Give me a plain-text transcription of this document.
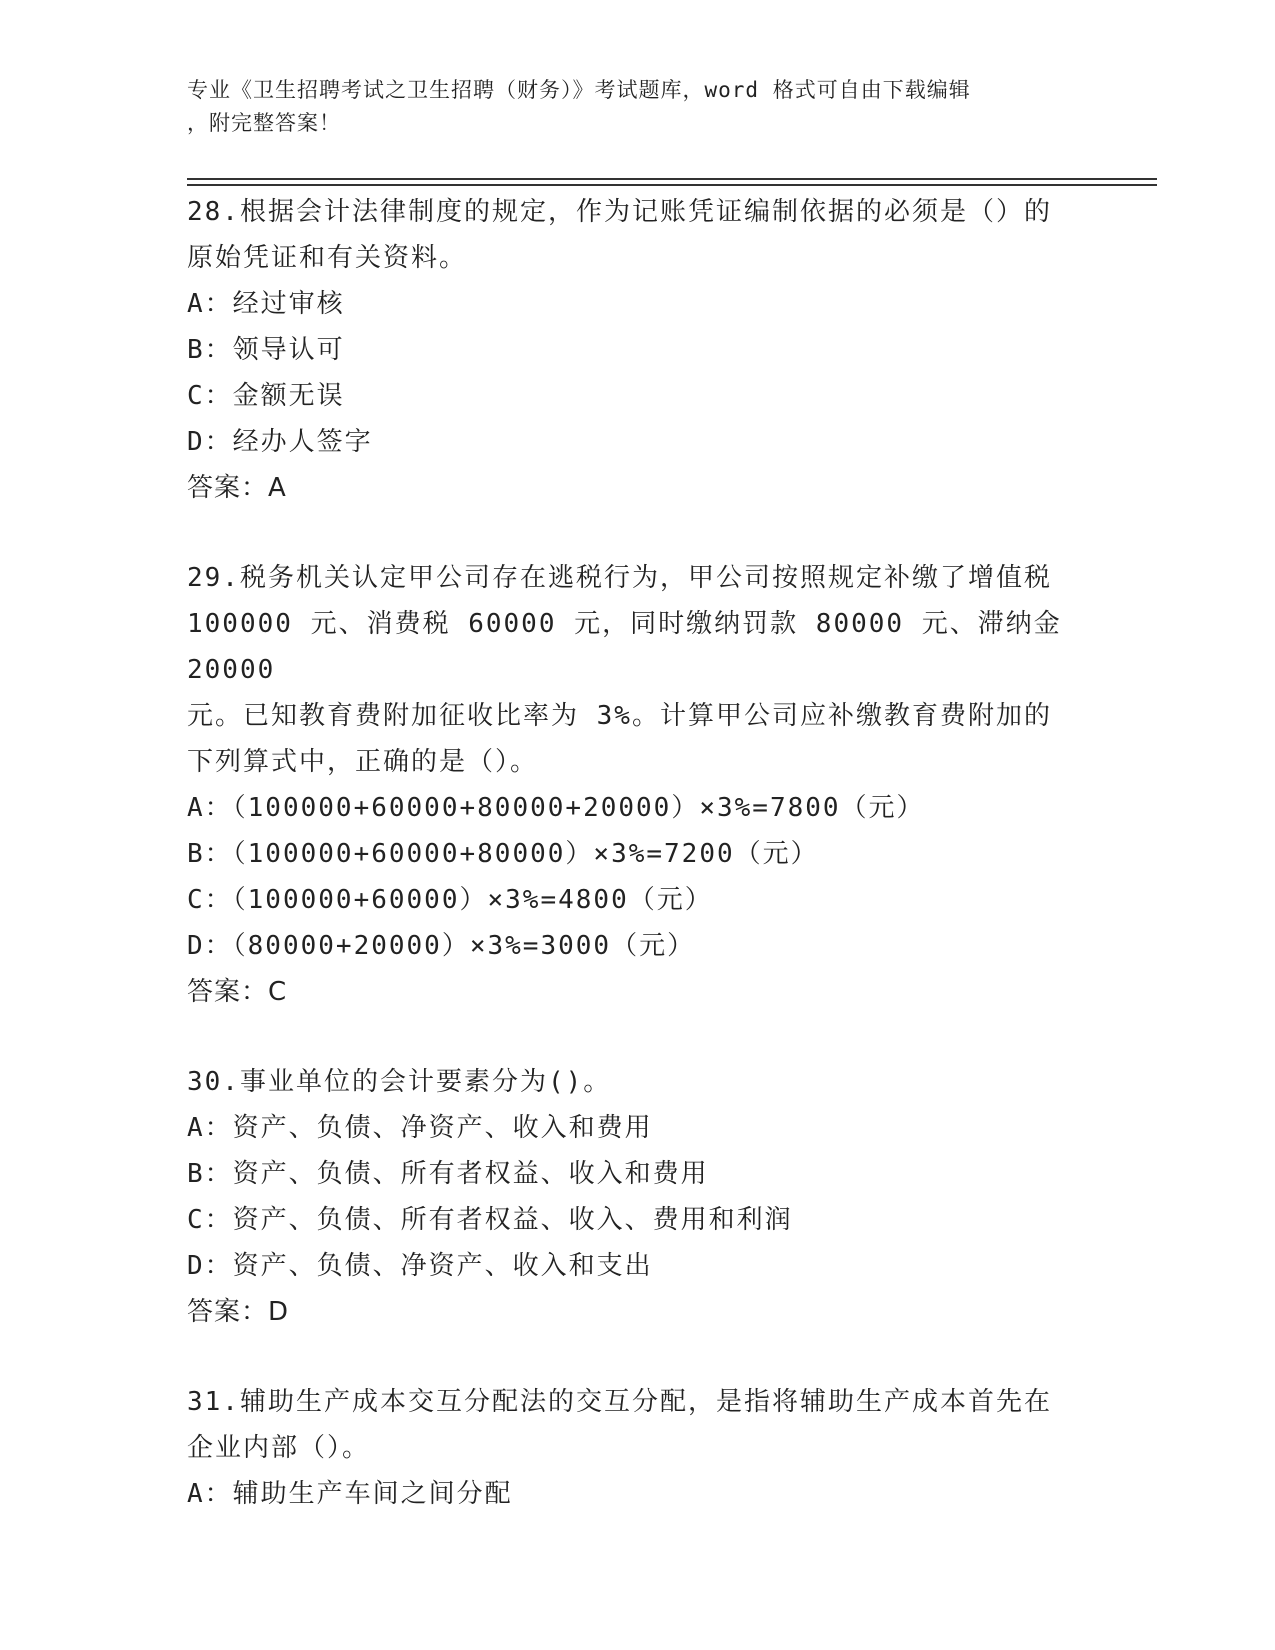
专业《卫生招聘考试之卫生招聘（财务）》考试题库，word 格式可自由下载编辑
，附完整答案！
28.根据会计法律制度的规定，作为记账凭证编制依据的必须是（）的
原始凭证和有关资料。
A：经过审核
B：领导认可
C：金额无误
D：经办人签字
答案：A
29.税务机关认定甲公司存在逃税行为，甲公司按照规定补缴了增值税
100000 元、消费税 60000 元，同时缴纳罚款 80000 元、滞纳金 20000
元。已知教育费附加征收比率为 3%。计算甲公司应补缴教育费附加的
下列算式中，正确的是（）。
A：（100000+60000+80000+20000）×3%=7800（元）
B：（100000+60000+80000）×3%=7200（元）
C：（100000+60000）×3%=4800（元）
D：（80000+20000）×3%=3000（元）
答案：C
30.事业单位的会计要素分为()。
A：资产、负债、净资产、收入和费用
B：资产、负债、所有者权益、收入和费用
C：资产、负债、所有者权益、收入、费用和利润
D：资产、负债、净资产、收入和支出
答案：D
31.辅助生产成本交互分配法的交互分配，是指将辅助生产成本首先在
企业内部（）。
A：辅助生产车间之间分配
